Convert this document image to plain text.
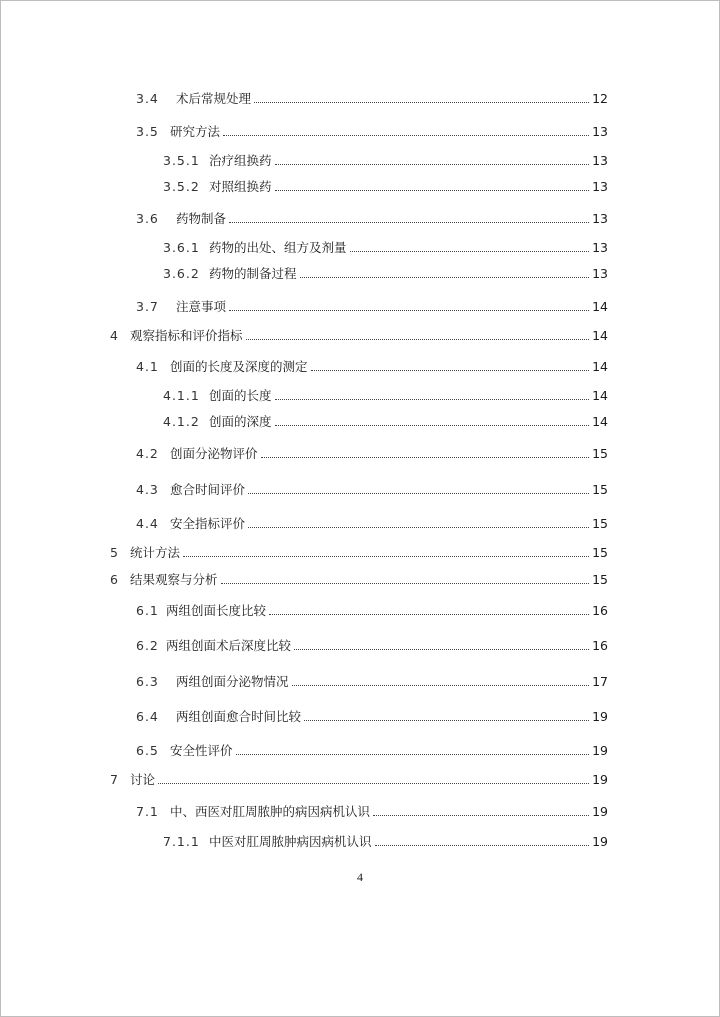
3.4	术后常规处理	12
3.5 研究方法	13
3.5.1 治疗组换药	13
3.5.2 对照组换药	13
3.6	药物制备	13
3.6.1 药物的出处、组方及剂量	13
3.6.2 药物的制备过程	13
3.7	注意事项	14
4 观察指标和评价指标	14
4.1 创面的长度及深度的测定	14
4.1.1 创面的长度	14
4.1.2 创面的深度	14
4.2 创面分泌物评价	15
4.3 愈合时间评价	15
4.4 安全指标评价	15
5 统计方法	15
6 结果观察与分析	15
6.1 两组创面长度比较	16
6.2 两组创面术后深度比较	16
6.3	两组创面分泌物情况	17
6.4	两组创面愈合时间比较	19
6.5 安全性评价	19
7 讨论	19
7.1 中、西医对肛周脓肿的病因病机认识	19
7.1.1 中医对肛周脓肿病因病机认识	19
4
